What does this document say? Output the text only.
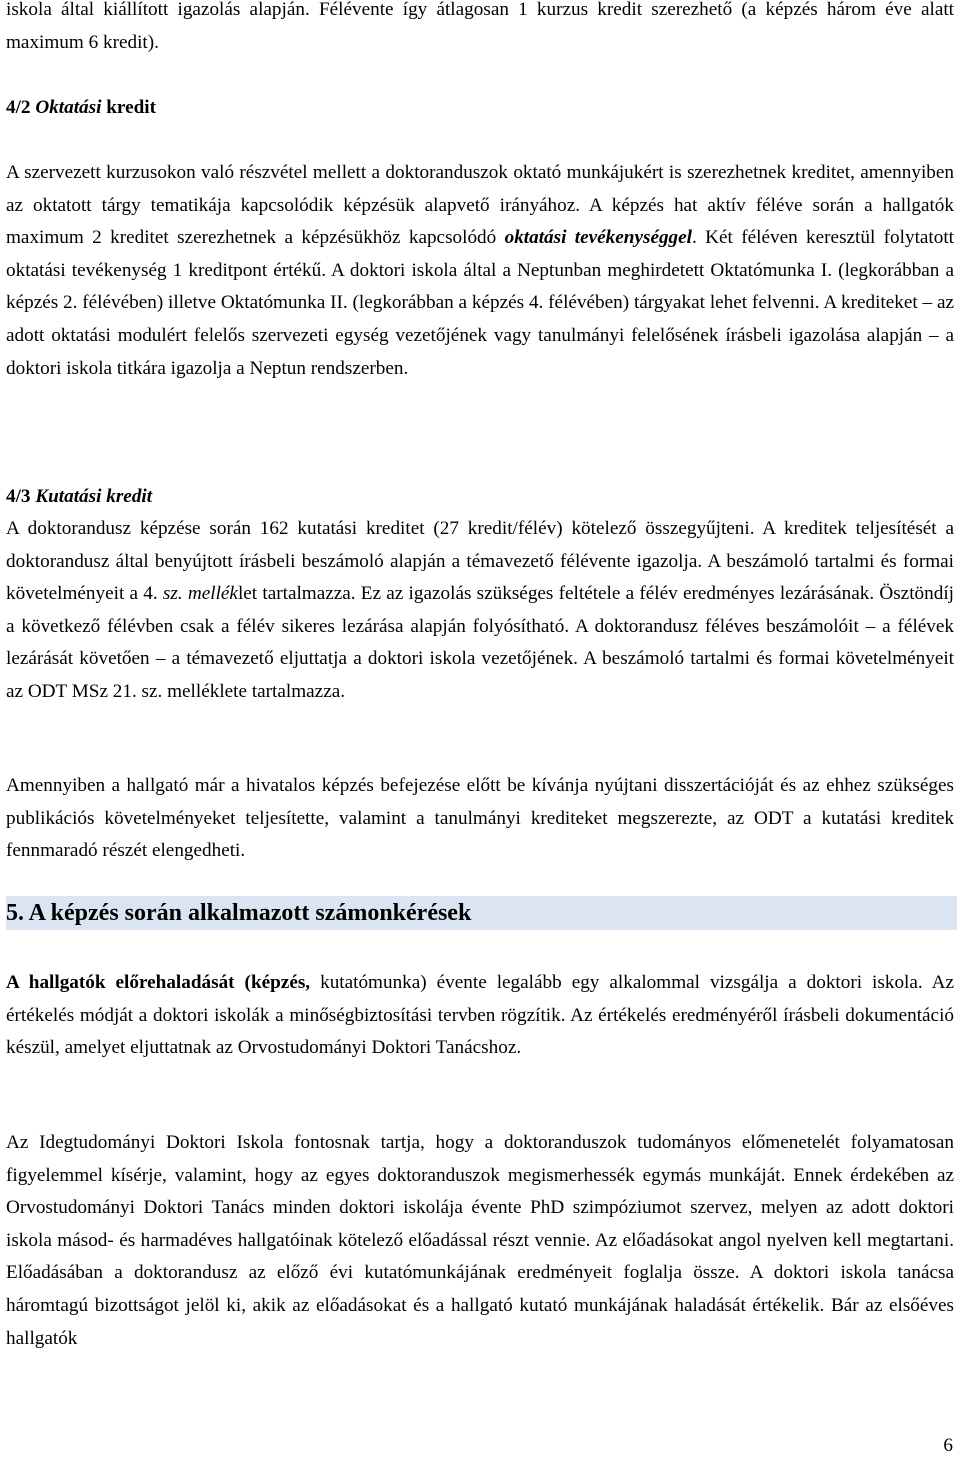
iskola által kiállított igazolás alapján. Félévente így átlagosan 1 kurzus kredit szerezhető (a képzés három éve alatt maximum 6 kredit).

4/2 Oktatási kredit

A szervezett kurzusokon való részvétel mellett a doktoranduszok oktató munkájukért is szerezhetnek kreditet, amennyiben az oktatott tárgy tematikája kapcsolódik képzésük alapvető irányához. A képzés hat aktív féléve során a hallgatók maximum 2 kreditet szerezhetnek a képzésükhöz kapcsolódó oktatási tevékenységgel. Két féléven keresztül folytatott oktatási tevékenység 1 kreditpont értékű. A doktori iskola által a Neptunban meghirdetett Oktatómunka I. (legkorábban a képzés 2. félévében) illetve Oktatómunka II. (legkorábban a képzés 4. félévében) tárgyakat lehet felvenni. A krediteket – az adott oktatási modulért felelős szervezeti egység vezetőjének vagy tanulmányi felelősének írásbeli igazolása alapján – a doktori iskola titkára igazolja a Neptun rendszerben.

4/3 Kutatási kredit

A doktorandusz képzése során 162 kutatási kreditet (27 kredit/félév) kötelező összegyűjteni. A kreditek teljesítését a doktorandusz által benyújtott írásbeli beszámoló alapján a témavezető félévente igazolja. A beszámoló tartalmi és formai követelményeit a 4. sz. melléklet tartalmazza. Ez az igazolás szükséges feltétele a félév eredményes lezárásának. Ösztöndíj a következő félévben csak a félév sikeres lezárása alapján folyósítható. A doktorandusz féléves beszámolóit – a félévek lezárását követően – a témavezető eljuttatja a doktori iskola vezetőjének. A beszámoló tartalmi és formai követelményeit az ODT MSz 21. sz. melléklete tartalmazza.

Amennyiben a hallgató már a hivatalos képzés befejezése előtt be kívánja nyújtani disszertációját és az ehhez szükséges publikációs követelményeket teljesítette, valamint a tanulmányi krediteket megszerezte, az ODT a kutatási kreditek fennmaradó részét elengedheti.

5. A képzés során alkalmazott számonkérések

A hallgatók előrehaladását (képzés, kutatómunka) évente legalább egy alkalommal vizsgálja a doktori iskola. Az értékelés módját a doktori iskolák a minőségbiztosítási tervben rögzítik. Az értékelés eredményéről írásbeli dokumentáció készül, amelyet eljuttatnak az Orvostudományi Doktori Tanácshoz.

Az Idegtudományi Doktori Iskola fontosnak tartja, hogy a doktoranduszok tudományos előmenetelét folyamatosan figyelemmel kísérje, valamint, hogy az egyes doktoranduszok megismerhessék egymás munkáját. Ennek érdekében az Orvostudományi Doktori Tanács minden doktori iskolája évente PhD szimpóziumot szervez, melyen az adott doktori iskola másod- és harmadéves hallgatóinak kötelező előadással részt vennie. Az előadásokat angol nyelven kell megtartani. Előadásában a doktorandusz az előző évi kutatómunkájának eredményeit foglalja össze. A doktori iskola tanácsa háromtagú bizottságot jelöl ki, akik az előadásokat és a hallgató kutató munkájának haladását értékelik. Bár az elsőéves hallgatók

6
